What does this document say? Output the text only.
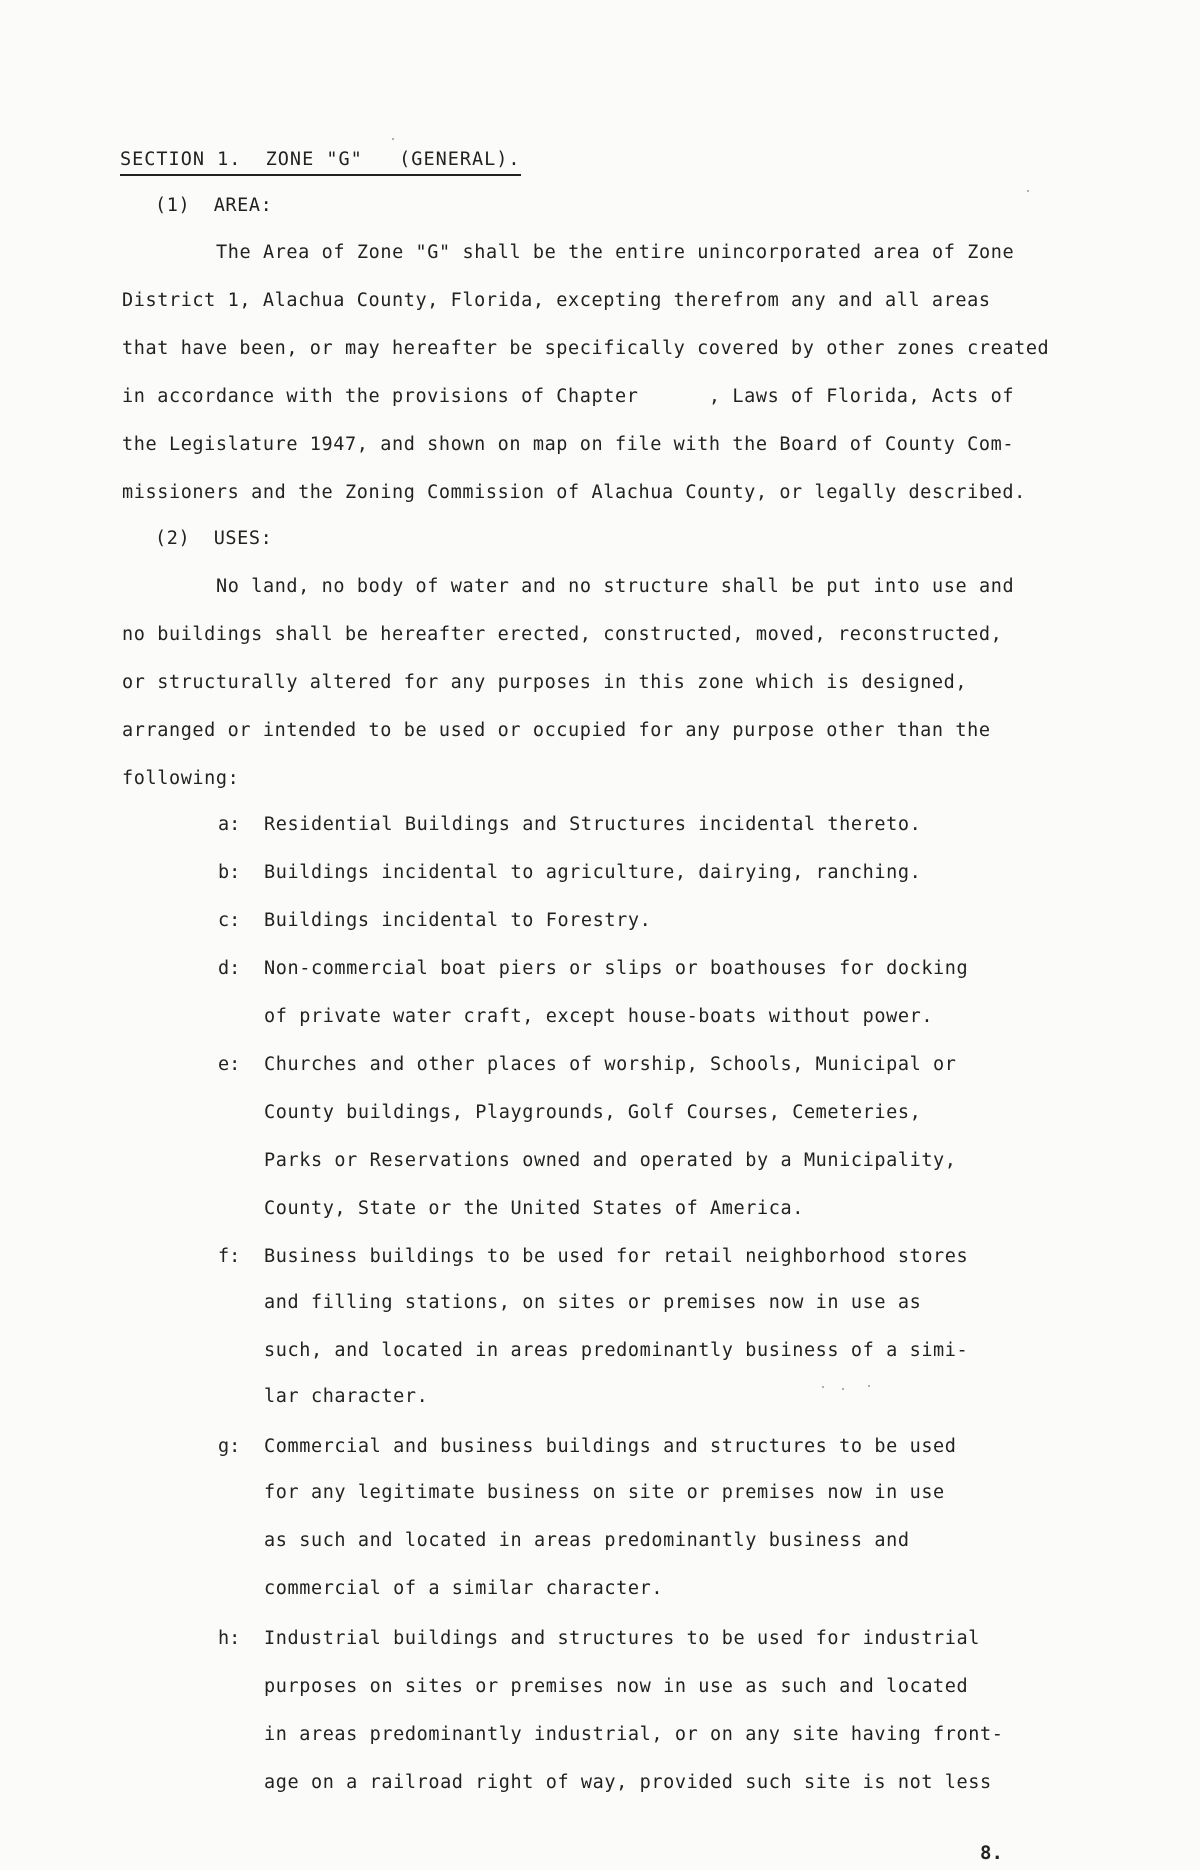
SECTION 1.  ZONE "G"   (GENERAL).
(1)  AREA:
The Area of Zone "G" shall be the entire unincorporated area of Zone
District 1, Alachua County, Florida, excepting therefrom any and all areas
that have been, or may hereafter be specifically covered by other zones created
in accordance with the provisions of Chapter      , Laws of Florida, Acts of
the Legislature 1947, and shown on map on file with the Board of County Com-
missioners and the Zoning Commission of Alachua County, or legally described.
(2)  USES:
No land, no body of water and no structure shall be put into use and
no buildings shall be hereafter erected, constructed, moved, reconstructed,
or structurally altered for any purposes in this zone which is designed,
arranged or intended to be used or occupied for any purpose other than the
following:
a: Residential Buildings and Structures incidental thereto.
b: Buildings incidental to agriculture, dairying, ranching.
c: Buildings incidental to Forestry.
d: Non-commercial boat piers or slips or boathouses for docking
of private water craft, except house-boats without power.
e: Churches and other places of worship, Schools, Municipal or
County buildings, Playgrounds, Golf Courses, Cemeteries,
Parks or Reservations owned and operated by a Municipality,
County, State or the United States of America.
f: Business buildings to be used for retail neighborhood stores
and filling stations, on sites or premises now in use as
such, and located in areas predominantly business of a simi-
lar character.
g: Commercial and business buildings and structures to be used
for any legitimate business on site or premises now in use
as such and located in areas predominantly business and
commercial of a similar character.
h: Industrial buildings and structures to be used for industrial
purposes on sites or premises now in use as such and located
in areas predominantly industrial, or on any site having front-
age on a railroad right of way, provided such site is not less
8.
